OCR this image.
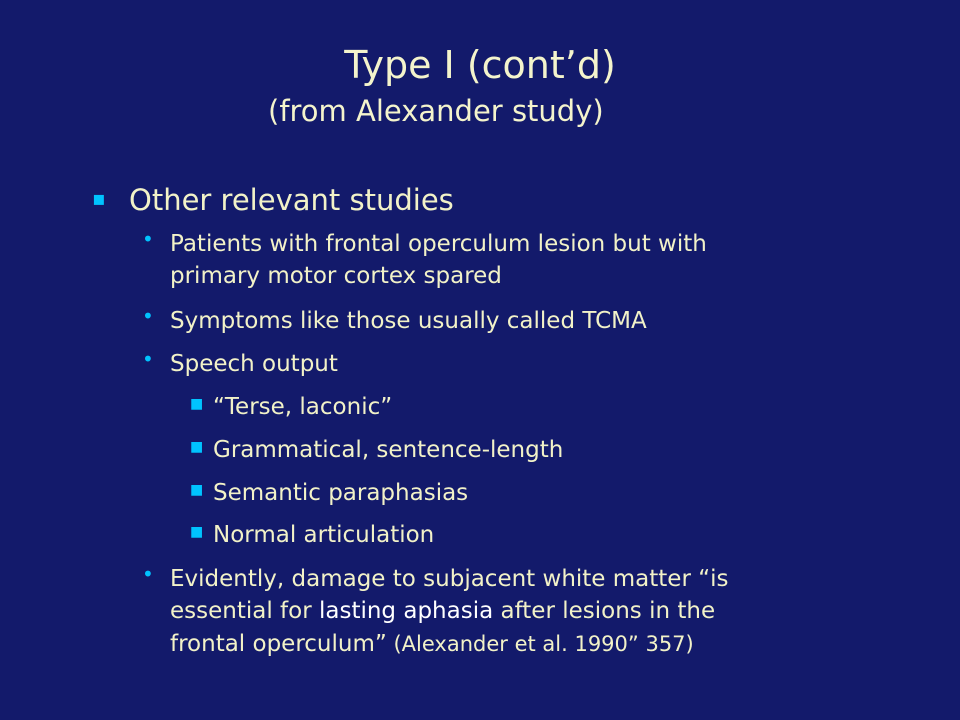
Type I (cont’d)
(from Alexander study)
▪ Other relevant studies
• Patients with frontal operculum lesion but with
primary motor cortex spared
• Symptoms like those usually called TCMA
• Speech output
■ “Terse, laconic”
■ Grammatical, sentence-length
■ Semantic paraphasias
■ Normal articulation
• Evidently, damage to subjacent white matter “is
essential for lasting aphasia after lesions in the
frontal operculum” (Alexander et al. 1990” 357)
